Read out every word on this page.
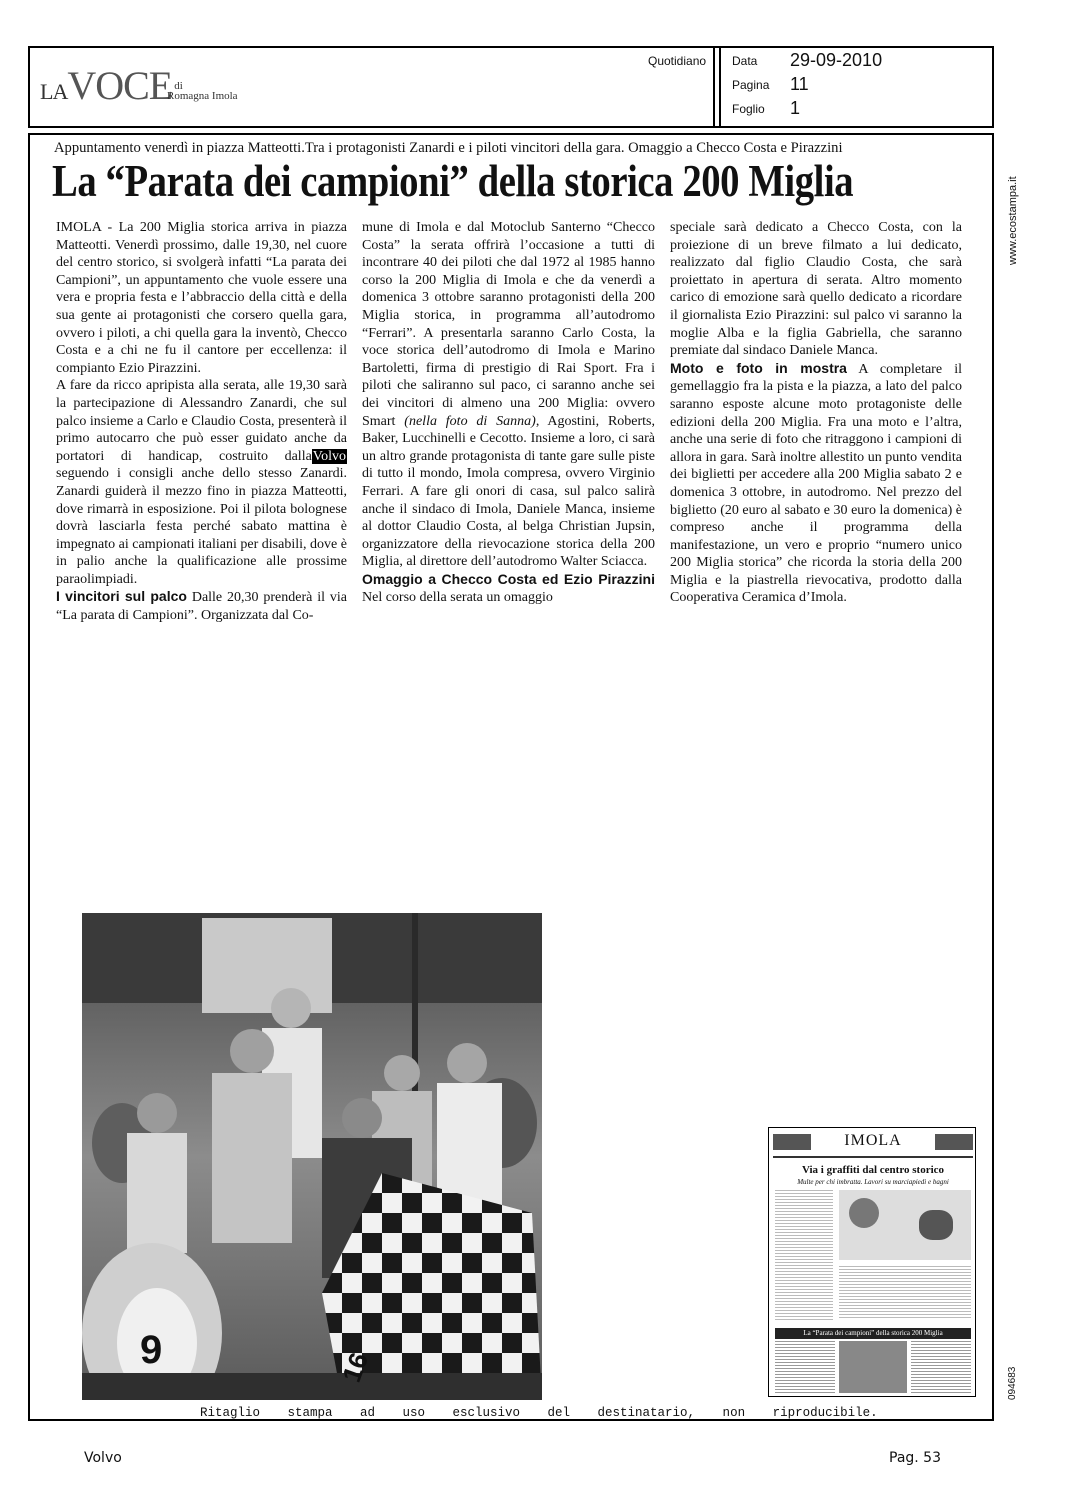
LAVOCE $^{di}$
Romagna Imola
Quotidiano Data 29-09-2010
Pagina 11
Foglio 1
Appuntamento venerdì in piazza Matteotti.Tra i protagonisti Zanardi e i piloti vincitori della gara. Omaggio a Checco Costa e Pirazzini
La “Parata dei campioni” della storica 200 Miglia

IMOLA - La 200 Miglia storica arriva in piazza Matteotti. Venerdì prossimo, dalle 19,30, nel cuore del centro storico, si svolgerà infatti “La parata dei Campioni”, un appuntamento che vuole essere una vera e propria festa e l’abbraccio della città e della sua gente ai protagonisti che corsero quella gara, ovvero i piloti, a chi quella gara la inventò, Checco Costa e a chi ne fu il cantore per eccellenza: il compianto Ezio Pirazzini.

A fare da ricco apripista alla serata, alle 19,30 sarà la partecipazione di Alessandro Zanardi, che sul palco insieme a Carlo e Claudio Costa, presenterà il primo autocarro che può esser guidato anche da portatori di handicap, costruito dallaVolvo seguendo i consigli anche dello stesso Zanardi. Zanardi guiderà il mezzo fino in piazza Matteotti, dove rimarrà in esposizione. Poi il pilota bolognese dovrà lasciarla festa perché sabato mattina è impegnato ai campionati italiani per disabili, dove è in palio anche la qualificazione alle prossime paraolimpiadi.

I vincitori sul palco Dalle 20,30 prenderà il via “La parata di Campioni”. Organizzata dal Co-

mune di Imola e dal Motoclub Santerno “Checco Costa” la serata offrirà l’occasione a tutti di incontrare 40 dei piloti che dal 1972 al 1985 hanno corso la 200 Miglia di Imola e che da venerdì a domenica 3 ottobre saranno protagonisti della 200 Miglia storica, in programma all’autodromo “Ferrari”. A presentarla saranno Carlo Costa, la voce storica dell’autodromo di Imola e Marino Bartoletti, firma di prestigio di Rai Sport. Fra i piloti che saliranno sul paco, ci saranno anche sei dei vincitori di almeno una 200 Miglia: ovvero Smart (nella foto di Sanna), Agostini, Roberts, Baker, Lucchinelli e Cecotto. Insieme a loro, ci sarà un altro grande protagonista di tante gare sulle piste di tutto il mondo, Imola compresa, ovvero Virginio Ferrari. A fare gli onori di casa, sul palco salirà anche il sindaco di Imola, Daniele Manca, insieme al dottor Claudio Costa, al belga Christian Jupsin, organizzatore della rievocazione storica della 200 Miglia, al direttore dell’autodromo Walter Sciacca.

Omaggio a Checco Costa ed Ezio Pirazzini Nel corso della serata un omaggio

speciale sarà dedicato a Checco Costa, con la proiezione di un breve filmato a lui dedicato, realizzato dal figlio Claudio Costa, che sarà proiettato in apertura di serata. Altro momento carico di emozione sarà quello dedicato a ricordare il giornalista Ezio Pirazzini: sul palco vi saranno la moglie Alba e la figlia Gabriella, che saranno premiate dal sindaco Daniele Manca.

Moto e foto in mostra A completare il gemellaggio fra la pista e la piazza, a lato del palco saranno esposte alcune moto protagoniste delle edizioni della 200 Miglia. Fra una moto e l’altra, anche una serie di foto che ritraggono i campioni di allora in gara. Sarà inoltre allestito un punto vendita dei biglietti per accedere alla 200 Miglia sabato 2 e domenica 3 ottobre, in autodromo. Nel prezzo del biglietto (20 euro al sabato e 30 euro la domenica) è compreso anche il programma della manifestazione, un vero e proprio “numero unico 200 Miglia storica” che ricorda la storia della 200 Miglia e la piastrella rievocativa, prodotto dalla Cooperativa Ceramica d’Imola.

9	16
IMOLA
Via i graffiti dal centro storico
Multe per chi imbratta. Lavori su marciapiedi e bagni
La “Parata dei campioni” della storica 200 Miglia
www.ecostampa.it
094683
Ritaglio stampa ad uso esclusivo del destinatario, non riproducibile.
Volvo	Pag. 53
